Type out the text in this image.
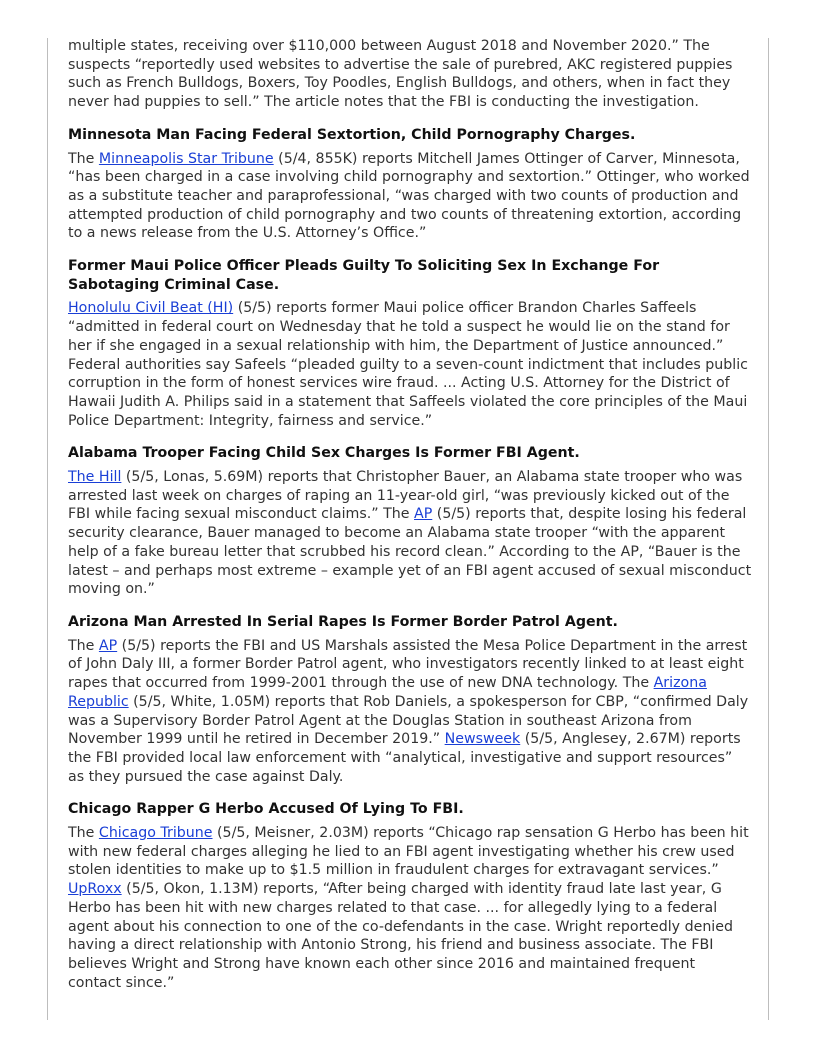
multiple states, receiving over $110,000 between August 2018 and November 2020.” The suspects “reportedly used websites to advertise the sale of purebred, AKC registered puppies such as French Bulldogs, Boxers, Toy Poodles, English Bulldogs, and others, when in fact they never had puppies to sell.” The article notes that the FBI is conducting the investigation.

Minnesota Man Facing Federal Sextortion, Child Pornography Charges.

The Minneapolis Star Tribune (5/4, 855K) reports Mitchell James Ottinger of Carver, Minnesota, “has been charged in a case involving child pornography and sextortion.” Ottinger, who worked as a substitute teacher and paraprofessional, “was charged with two counts of production and attempted production of child pornography and two counts of threatening extortion, according to a news release from the U.S. Attorney’s Office.”

Former Maui Police Officer Pleads Guilty To Soliciting Sex In Exchange For Sabotaging Criminal Case.

Honolulu Civil Beat (HI) (5/5) reports former Maui police officer Brandon Charles Saffeels “admitted in federal court on Wednesday that he told a suspect he would lie on the stand for her if she engaged in a sexual relationship with him, the Department of Justice announced.” Federal authorities say Safeels “pleaded guilty to a seven-count indictment that includes public corruption in the form of honest services wire fraud. ... Acting U.S. Attorney for the District of Hawaii Judith A. Philips said in a statement that Saffeels violated the core principles of the Maui Police Department: Integrity, fairness and service.”

Alabama Trooper Facing Child Sex Charges Is Former FBI Agent.

The Hill (5/5, Lonas, 5.69M) reports that Christopher Bauer, an Alabama state trooper who was arrested last week on charges of raping an 11-year-old girl, “was previously kicked out of the FBI while facing sexual misconduct claims.” The AP (5/5) reports that, despite losing his federal security clearance, Bauer managed to become an Alabama state trooper “with the apparent help of a fake bureau letter that scrubbed his record clean.” According to the AP, “Bauer is the latest – and perhaps most extreme – example yet of an FBI agent accused of sexual misconduct moving on.”

Arizona Man Arrested In Serial Rapes Is Former Border Patrol Agent.

The AP (5/5) reports the FBI and US Marshals assisted the Mesa Police Department in the arrest of John Daly III, a former Border Patrol agent, who investigators recently linked to at least eight rapes that occurred from 1999-2001 through the use of new DNA technology. The Arizona Republic (5/5, White, 1.05M) reports that Rob Daniels, a spokesperson for CBP, “confirmed Daly was a Supervisory Border Patrol Agent at the Douglas Station in southeast Arizona from November 1999 until he retired in December 2019.” Newsweek (5/5, Anglesey, 2.67M) reports the FBI provided local law enforcement with “analytical, investigative and support resources” as they pursued the case against Daly.

Chicago Rapper G Herbo Accused Of Lying To FBI.

The Chicago Tribune (5/5, Meisner, 2.03M) reports “Chicago rap sensation G Herbo has been hit with new federal charges alleging he lied to an FBI agent investigating whether his crew used stolen identities to make up to $1.5 million in fraudulent charges for extravagant services.” UpRoxx (5/5, Okon, 1.13M) reports, “After being charged with identity fraud late last year, G Herbo has been hit with new charges related to that case. ... for allegedly lying to a federal agent about his connection to one of the co-defendants in the case. Wright reportedly denied having a direct relationship with Antonio Strong, his friend and business associate. The FBI believes Wright and Strong have known each other since 2016 and maintained frequent contact since.”
